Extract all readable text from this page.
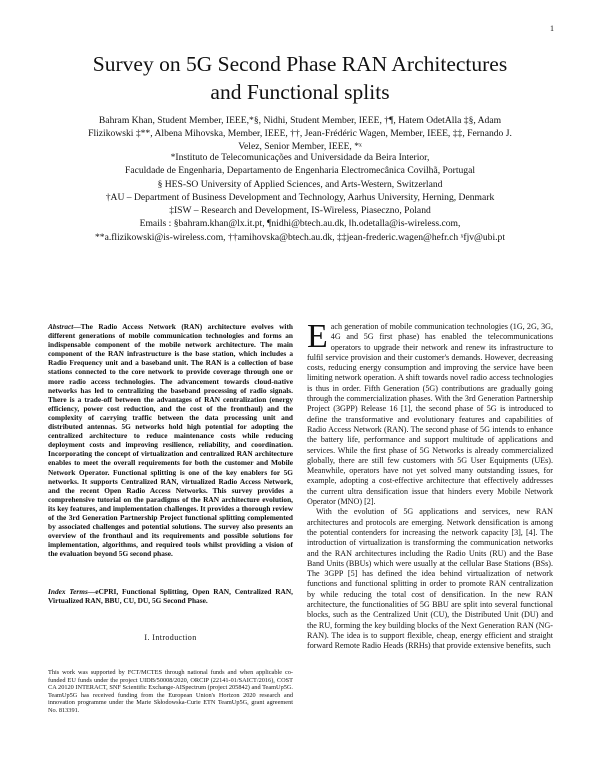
1
Survey on 5G Second Phase RAN Architectures
and Functional splits
Bahram Khan, Student Member, IEEE,*§, Nidhi, Student Member, IEEE, †¶, Hatem OdetAlla ‡§, Adam
Flizikowski ‡**, Albena Mihovska, Member, IEEE, ††, Jean-Frédéric Wagen, Member, IEEE, ‡‡, Fernando J.
Velez, Senior Member, IEEE, *ˣ
*Instituto de Telecomunicações and Universidade da Beira Interior,
Faculdade de Engenharia, Departamento de Engenharia Electromecânica Covilhã, Portugal
§ HES-SO University of Applied Sciences, and Arts-Western, Switzerland
†AU – Department of Business Development and Technology, Aarhus University, Herning, Denmark
‡ISW – Research and Development, IS-Wireless, Piaseczno, Poland
Emails : §bahram.khan@lx.it.pt, ¶nidhi@btech.au.dk, ‖h.odetalla@is-wireless.com,
**a.flizikowski@is-wireless.com, ††amihovska@btech.au.dk, ‡‡jean-frederic.wagen@hefr.ch ˣfjv@ubi.pt
Abstract—The Radio Access Network (RAN) architecture evolves with different generations of mobile communication technologies and forms an indispensable component of the mobile network architecture. The main component of the RAN infrastructure is the base station, which includes a Radio Frequency unit and a baseband unit. The RAN is a collection of base stations connected to the core network to provide coverage through one or more radio access technologies. The advancement towards cloud-native networks has led to centralizing the baseband processing of radio signals. There is a trade-off between the advantages of RAN centralization (energy efficiency, power cost reduction, and the cost of the fronthaul) and the complexity of carrying traffic between the data processing unit and distributed antennas. 5G networks hold high potential for adopting the centralized architecture to reduce maintenance costs while reducing deployment costs and improving resilience, reliability, and coordination. Incorporating the concept of virtualization and centralized RAN architecture enables to meet the overall requirements for both the customer and Mobile Network Operator. Functional splitting is one of the key enablers for 5G networks. It supports Centralized RAN, virtualized Radio Access Network, and the recent Open Radio Access Networks. This survey provides a comprehensive tutorial on the paradigms of the RAN architecture evolution, its key features, and implementation challenges. It provides a thorough review of the 3rd Generation Partnership Project functional splitting complemented by associated challenges and potential solutions. The survey also presents an overview of the fronthaul and its requirements and possible solutions for implementation, algorithms, and required tools whilst providing a vision of the evaluation beyond 5G second phase.
Index Terms—eCPRI, Functional Splitting, Open RAN, Centralized RAN, Virtualized RAN, BBU, CU, DU, 5G Second Phase.
I. Introduction
This work was supported by FCT/MCTES through national funds and when applicable co-funded EU funds under the project UIDB/50008/2020, ORCIP (22141-01/SAICT/2016), COST CA 20120 INTERACT, SNF Scientific Exchange-AISpectrum (project 205842) and TeamUp5G. TeamUp5G has received funding from the European Union's Horizon 2020 research and innovation programme under the Marie Skłodowska-Curie ETN TeamUp5G, grant agreement No. 813391.

Each generation of mobile communication technologies (1G, 2G, 3G, 4G and 5G first phase) has enabled the telecommunications operators to upgrade their network and renew its infrastructure to fulfil service provision and their customer's demands. However, decreasing costs, reducing energy consumption and improving the service have been limiting network operation. A shift towards novel radio access technologies is thus in order. Fifth Generation (5G) contributions are gradually going through the commercialization phases. With the 3rd Generation Partnership Project (3GPP) Release 16 [1], the second phase of 5G is introduced to define the transformative and evolutionary features and capabilities of Radio Access Network (RAN). The second phase of 5G intends to enhance the battery life, performance and support multitude of applications and services. While the first phase of 5G Networks is already commercialized globally, there are still few customers with 5G User Equipments (UEs). Meanwhile, operators have not yet solved many outstanding issues, for example, adopting a cost-effective architecture that effectively addresses the current ultra densification issue that hinders every Mobile Network Operator (MNO) [2].

With the evolution of 5G applications and services, new RAN architectures and protocols are emerging. Network densification is among the potential contenders for increasing the network capacity [3], [4]. The introduction of virtualization is transforming the communication networks and the RAN architectures including the Radio Units (RU) and the Base Band Units (BBUs) which were usually at the cellular Base Stations (BSs). The 3GPP [5] has defined the idea behind virtualization of network functions and functional splitting in order to promote RAN centralization by while reducing the total cost of densification. In the new RAN architecture, the functionalities of 5G BBU are split into several functional blocks, such as the Centralized Unit (CU), the Distributed Unit (DU) and the RU, forming the key building blocks of the Next Generation RAN (NG-RAN). The idea is to support flexible, cheap, energy efficient and straight forward Remote Radio Heads (RRHs) that provide extensive benefits, such
